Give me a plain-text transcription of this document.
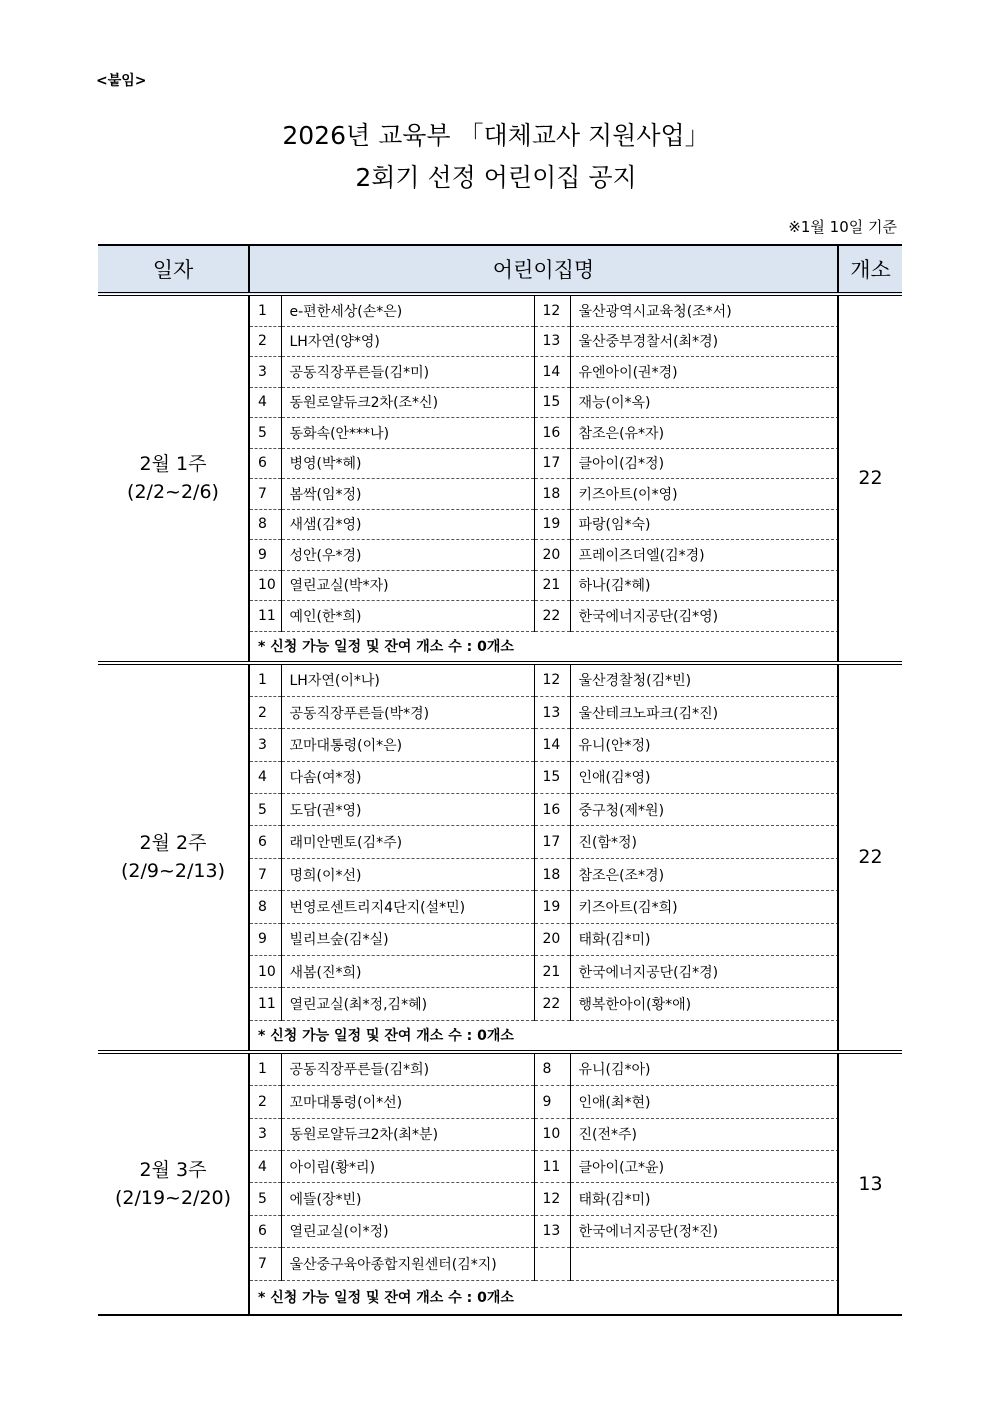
<붙임>
2026년 교육부 「대체교사 지원사업」
2회기 선정 어린이집 공지
※1월 10일 기준
일자	어린이집명	개소

2월 1주
(2/2~2/6)

1	e-편한세상(손*은)	12	울산광역시교육청(조*서)
2	LH자연(양*영)	13	울산중부경찰서(최*경)
3	공동직장푸른들(김*미)	14	유엔아이(권*경)
4	동원로얄듀크2차(조*신)	15	재능(이*옥)
5	동화속(안***나)	16	참조은(유*자)
6	병영(박*혜)	17	클아이(김*정)
7	봄싹(임*정)	18	키즈아트(이*영)
8	새샘(김*영)	19	파랑(임*숙)
9	성안(우*경)	20	프레이즈더엘(김*경)
10	열린교실(박*자)	21	하나(김*혜)
11	예인(한*희)	22	한국에너지공단(김*영)
* 신청 가능 일정 및 잔여 개소 수 : 0개소
	22

2월 2주
(2/9~2/13)

1	LH자연(이*나)	12	울산경찰청(김*빈)
2	공동직장푸른들(박*경)	13	울산테크노파크(김*진)
3	꼬마대통령(이*은)	14	유니(안*정)
4	다솜(여*정)	15	인애(김*영)
5	도담(권*영)	16	중구청(제*원)
6	래미안멘토(김*주)	17	진(함*정)
7	명희(이*선)	18	참조은(조*경)
8	번영로센트리지4단지(설*민)	19	키즈아트(김*희)
9	빌리브숲(김*실)	20	태화(김*미)
10	새봄(진*희)	21	한국에너지공단(김*경)
11	열린교실(최*정,김*혜)	22	행복한아이(황*애)
* 신청 가능 일정 및 잔여 개소 수 : 0개소
	22

2월 3주
(2/19~2/20)

1	공동직장푸른들(김*희)	8	유니(김*아)
2	꼬마대통령(이*선)	9	인애(최*현)
3	동원로얄듀크2차(최*분)	10	진(전*주)
4	아이림(황*리)	11	클아이(고*윤)
5	에뜰(장*빈)	12	태화(김*미)
6	열린교실(이*정)	13	한국에너지공단(정*진)
7	울산중구육아종합지원센터(김*지)		
* 신청 가능 일정 및 잔여 개소 수 : 0개소
	13
